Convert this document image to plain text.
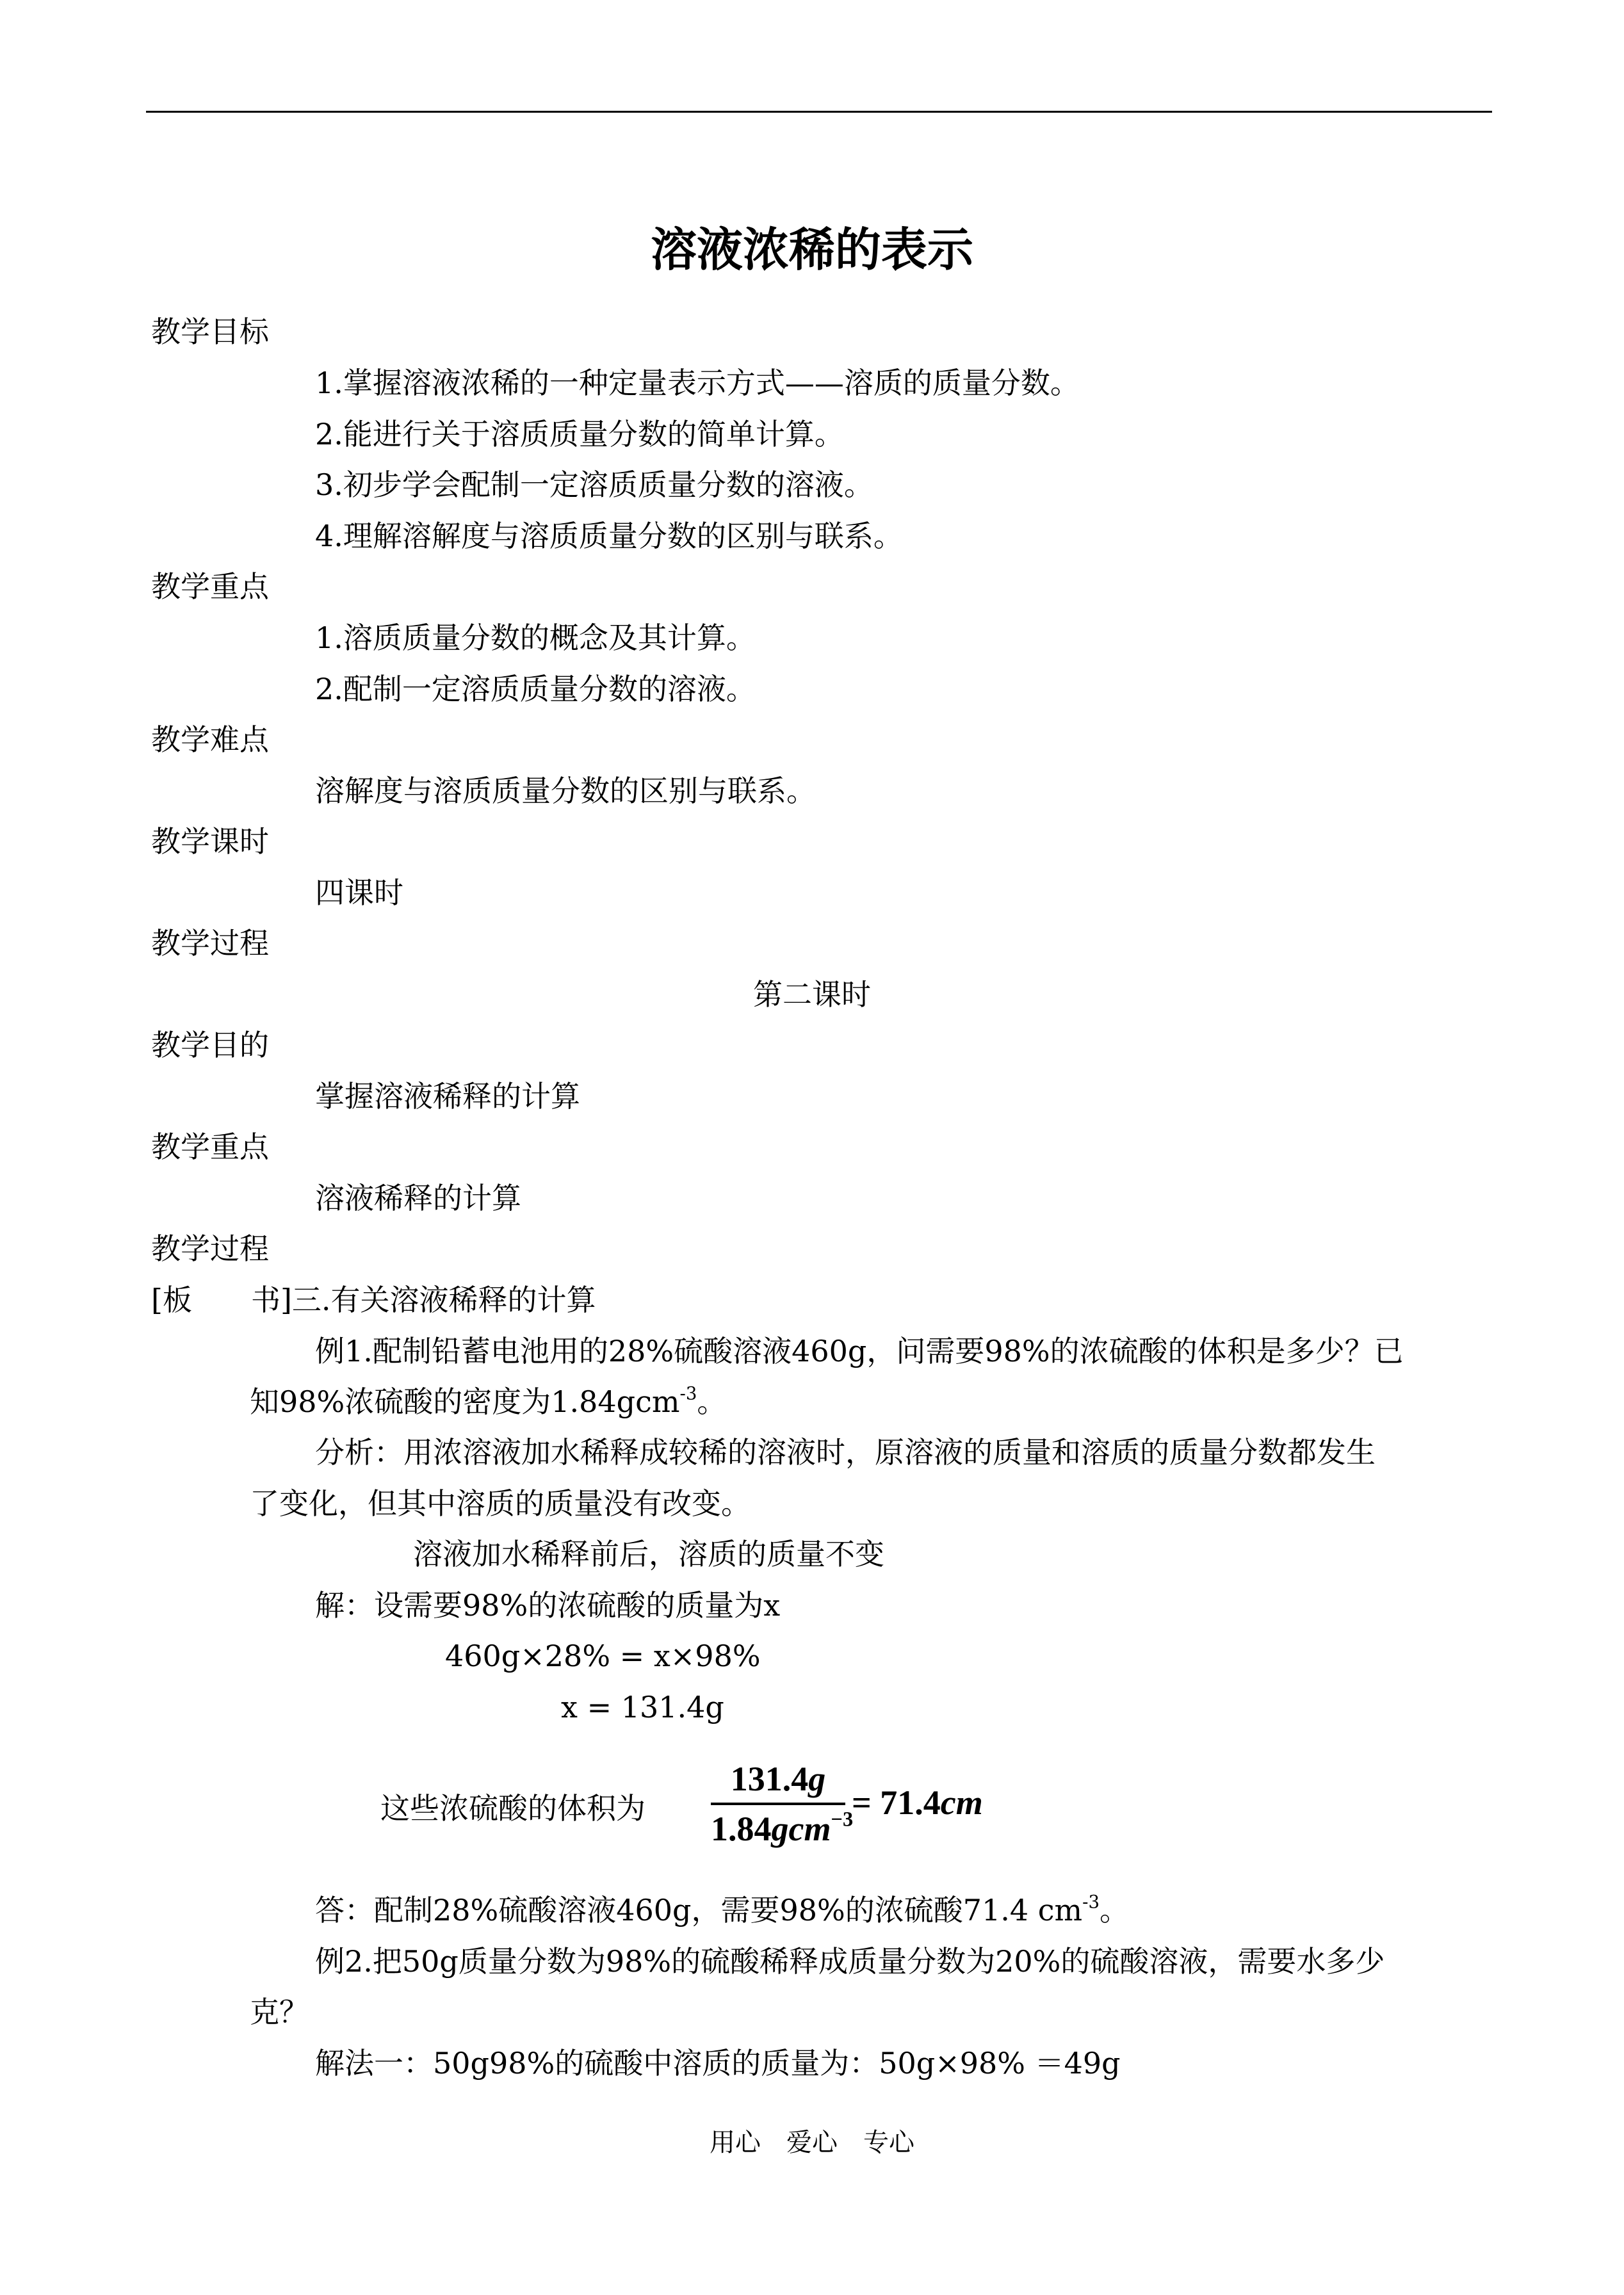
溶液浓稀的表示
教学目标
1.掌握溶液浓稀的一种定量表示方式——溶质的质量分数。
2.能进行关于溶质质量分数的简单计算。
3.初步学会配制一定溶质质量分数的溶液。
4.理解溶解度与溶质质量分数的区别与联系。
教学重点
1.溶质质量分数的概念及其计算。
2.配制一定溶质质量分数的溶液。
教学难点
溶解度与溶质质量分数的区别与联系。
教学课时
四课时
教学过程
第二课时
教学目的
掌握溶液稀释的计算
教学重点
溶液稀释的计算
教学过程
[板　　书]三.有关溶液稀释的计算
例1.配制铅蓄电池用的28%硫酸溶液460g，问需要98%的浓硫酸的体积是多少？已
知98%浓硫酸的密度为1.84gcm$^{-3}$。
分析：用浓溶液加水稀释成较稀的溶液时，原溶液的质量和溶质的质量分数都发生
了变化，但其中溶质的质量没有改变。
溶液加水稀释前后，溶质的质量不变
解：设需要98%的浓硫酸的质量为x
460g×28% = x×98%
x = 131.4g
这些浓硫酸的体积为
131.4g
1.84gcm$^{-3}$
= 71.4cm
答：配制28%硫酸溶液460g，需要98%的浓硫酸71.4 $cm^{-3}$。
例2.把50g质量分数为98%的硫酸稀释成质量分数为20%的硫酸溶液，需要水多少
克？
解法一：50g98%的硫酸中溶质的质量为：50g×98% ＝49g
用心　爱心　专心
